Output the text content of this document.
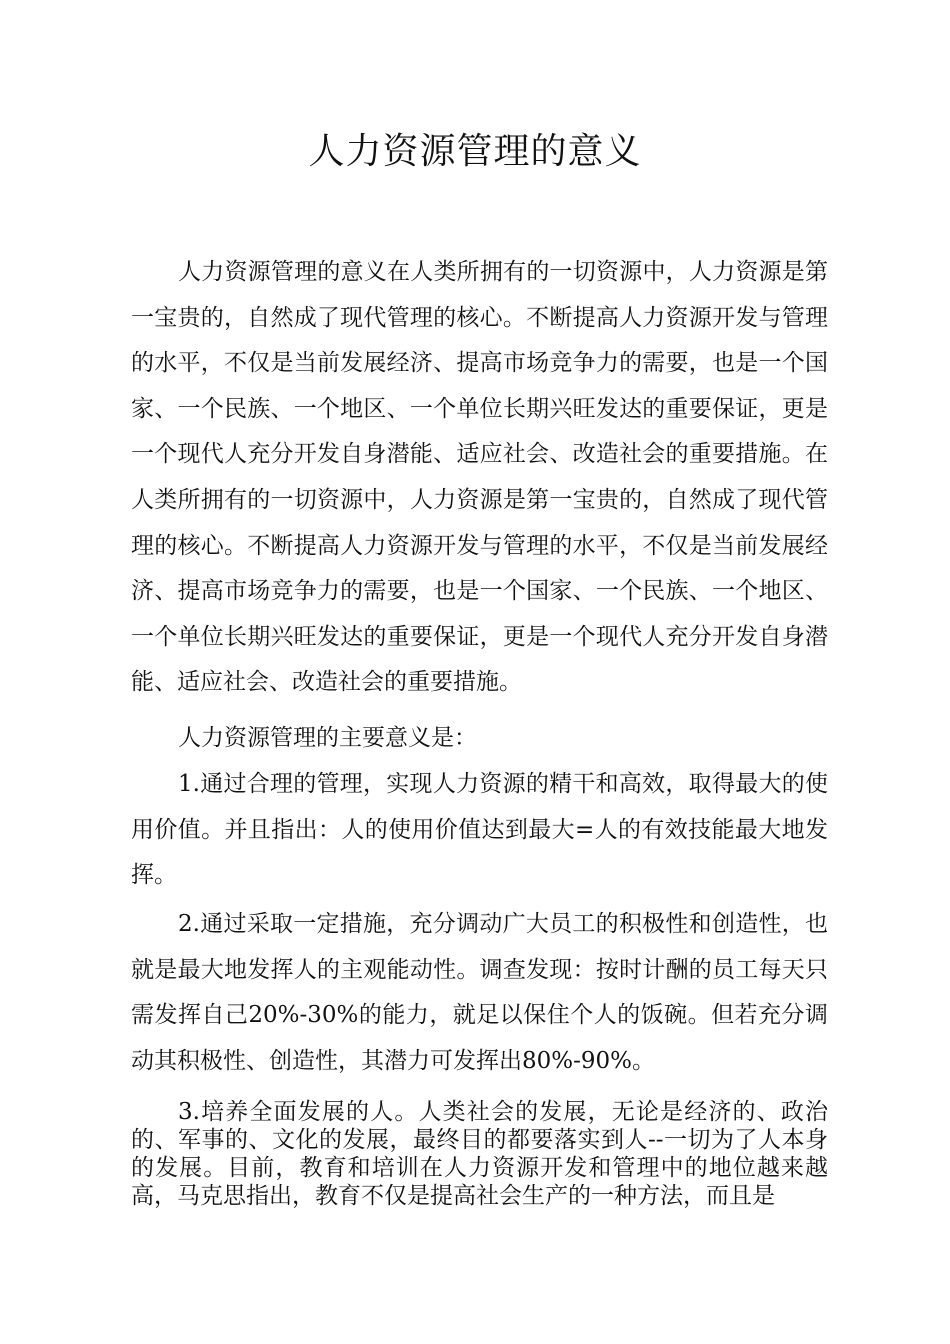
人力资源管理的意义

人力资源管理的意义在人类所拥有的一切资源中，人力资源是第一宝贵的，自然成了现代管理的核心。不断提高人力资源开发与管理的水平，不仅是当前发展经济、提高市场竞争力的需要，也是一个国家、一个民族、一个地区、一个单位长期兴旺发达的重要保证，更是一个现代人充分开发自身潜能、适应社会、改造社会的重要措施。在人类所拥有的一切资源中，人力资源是第一宝贵的，自然成了现代管理的核心。不断提高人力资源开发与管理的水平，不仅是当前发展经济、提高市场竞争力的需要，也是一个国家、一个民族、一个地区、一个单位长期兴旺发达的重要保证，更是一个现代人充分开发自身潜能、适应社会、改造社会的重要措施。

人力资源管理的主要意义是：

1.通过合理的管理，实现人力资源的精干和高效，取得最大的使用价值。并且指出：人的使用价值达到最大=人的有效技能最大地发挥。

2.通过采取一定措施，充分调动广大员工的积极性和创造性，也就是最大地发挥人的主观能动性。调查发现：按时计酬的员工每天只需发挥自己20%-30%的能力，就足以保住个人的饭碗。但若充分调动其积极性、创造性，其潜力可发挥出80%-90%。

3.培养全面发展的人。人类社会的发展，无论是经济的、政治的、军事的、文化的发展，最终目的都要落实到人--一切为了人本身的发展。目前，教育和培训在人力资源开发和管理中的地位越来越高，马克思指出，教育不仅是提高社会生产的一种方法，而且是
